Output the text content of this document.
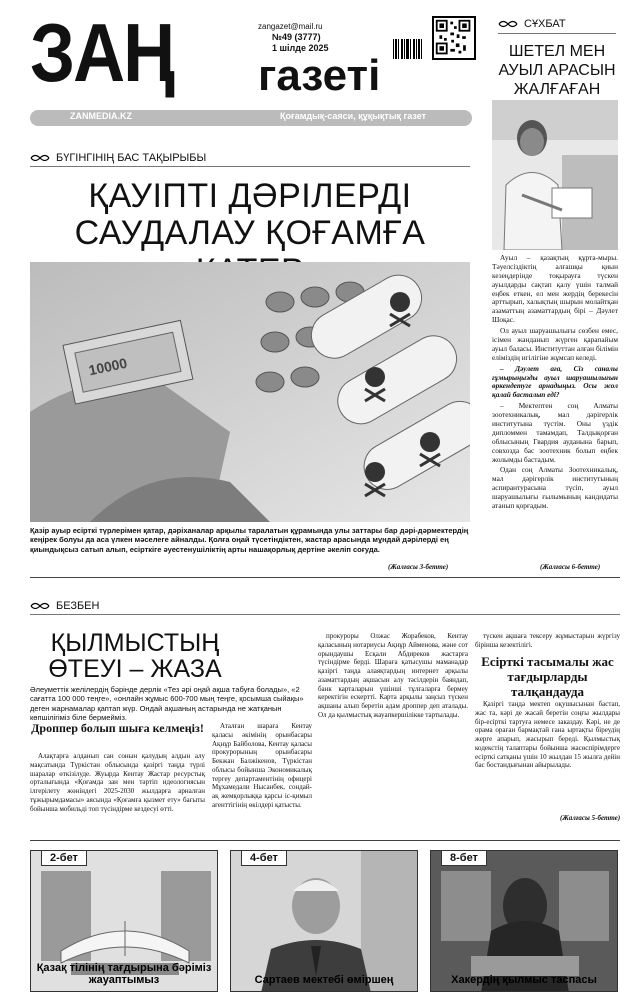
ЗАҢ газеті
zangazet@mail.ru
№49 (3777)
1 шілде 2025
ZANMEDIA.KZ	Қоғамдық-саяси, құқықтық газет
СҰХБАТ
ШЕТЕЛ МЕН АУЫЛ АРАСЫН ЖАЛҒАҒАН

Ауыл – қазақтың құрта-мыры. Тәуелсіздіктің алғашқы қиын кезеңдерінде тоқырауға түскен ауылдарды сақтап қалу үшін талмай еңбек еткен, ел мен жердің берекесін арттырып, халықтың шырын молайтқан азаматтың азаматтардың бірі – Дәулет Шоқас.

Ол ауыл шаруашылығы сөзбен емес, ісімен жанданып жүрген қарапайым ауыл баласы. Институттан алған білімін еліміздің игілігіне жұмсап келеді.

– Дәулет аға, Сіз саналы ғұмырыңызды ауыл шаруашылығын өркендетуге арнадыңыз. Осы жол қалай басталып еді?

– Мектептен соң Алматы зоотехникалық, мал дәрігерлік институтына түстім. Оны үздік дипломмен тамамдап, Талдықорған облысының Гвардия ауданына барып, совхозда бас зоотехник болып еңбек жолымды бастадым.

Одан соң Алматы Зоотехникалық, мал дәрігерлік институтының аспирантурасына түсіп, ауыл шаруашылығы ғылымының кандидаты атанып қорғадым.

(Жалғасы 6-бетте)
БҮГІНГІНІҢ БАС ТАҚЫРЫБЫ
ҚАУІПТІ ДӘРІЛЕРДІ
САУДАЛАУ ҚОҒАМҒА
10000
Қазір ауыр есірткі түрлерімен қатар, дәріханалар арқылы таралатын құрамында улы заттары бар дәрі-дәрмектердің кеңірек болуы да аса үлкен мәселеге айналды. Қолға оңай түсетіндіктен, жастар арасында мұндай дәрілерді ең қиындықсыз сатып алып, есірткіге әуестенушіліктің арты нашақорлық дертіне әкеліп соғуда.
(Жалғасы 3-бетте)
БЕЗБЕН
ҚЫЛМЫСТЫҢ ӨТЕУІ – ЖАЗА
Әлеуметтік желілердің бәрінде дерлік «Тез әрі оңай ақша табуға болады», «2 сағатта 100 000 теңге», «онлайн жұмыс 600-700 мың теңге, қосымша сыйақы» деген жарнамалар қаптап жүр. Ондай ақшаның астарында не жатқанын көпшілігіміз біле бермейміз.
Дроппер болып шыға келмеңіз!

Алақтарға алданып сан сонын қалудың алдын алу мақсатында Түркістан облысында қазіргі таңда түрлі шаралар өткізілуде. Жуырда Кентау Жастар ресурстық орталығында «Қоғамда зан мен тәртіп идеологиясын ілгерілету жөніндегі 2025-2030 жылдарға арналған тұжырымдамасы» аясында «Қоғамға қызмет ету» бағыты бойынша мобильді топ түсіндірме кездесуі өтті.

Аталған шараға Кентау қаласы әкімінің орынбасары Ақнұр Байболова, Кентау қаласы прокурорының орынбасары Бекжан Балжікенов, Түркістан облысы бойынша Экономикалық тергеу департаментінің офицері Мұхамедали Нысанбек, сондай-ақ жемқорлыққа қарсы іс-қимыл агенттігінің өкілдері қатысты.

прокуроры Олжас Жорабеков, Кентау қаласының нотариусы Ақнұр Айменова, және сот орындаушы Есқали Абдиреков жастарға түсіндірме берді. Шараға қатысушы маманадар қазіргі таңда алаяқтардың интернет арқылы азаматтардың ақшасын алу тәсілдерін баяндап, банк карталарын үшінші тұлғаларға бермеу керектігін ескертті. Карта арқылы заңсыз түскен ақшаны алып беретін адам дроппер деп аталады. Ол да қылмыстық жауапкершілікке тартылады.

түскен ақшаға тексеру жұмыстарын жүргізу бірінша кезектілігі.

Есірткі тасымалы жас тағдырларды талқандауда

Қазіргі таңда мектеп оқушысынан бастап, жас та, кәрі де жасай беретін соңғы жылдары бір-есірткі тартуға немесе заказдау. Кәрі, не де орама ораған бармақтай ғана ыртақты біреудің жерге апарып, жасырып береді. Қылмыстық кодекстің талаптары бойынша жасөспірімдерге есірткі сатқаны үшін 10 жылдан 15 жылға дейін бас бостандығынан айырылады.

(Жалғасы 5-бетте)
2-бет
Қазақ тілінің тағдырына бәріміз жауаптымыз
4-бет
Сартаев мектебі өміршең
8-бет
Хакердің қылмыс таспасы
